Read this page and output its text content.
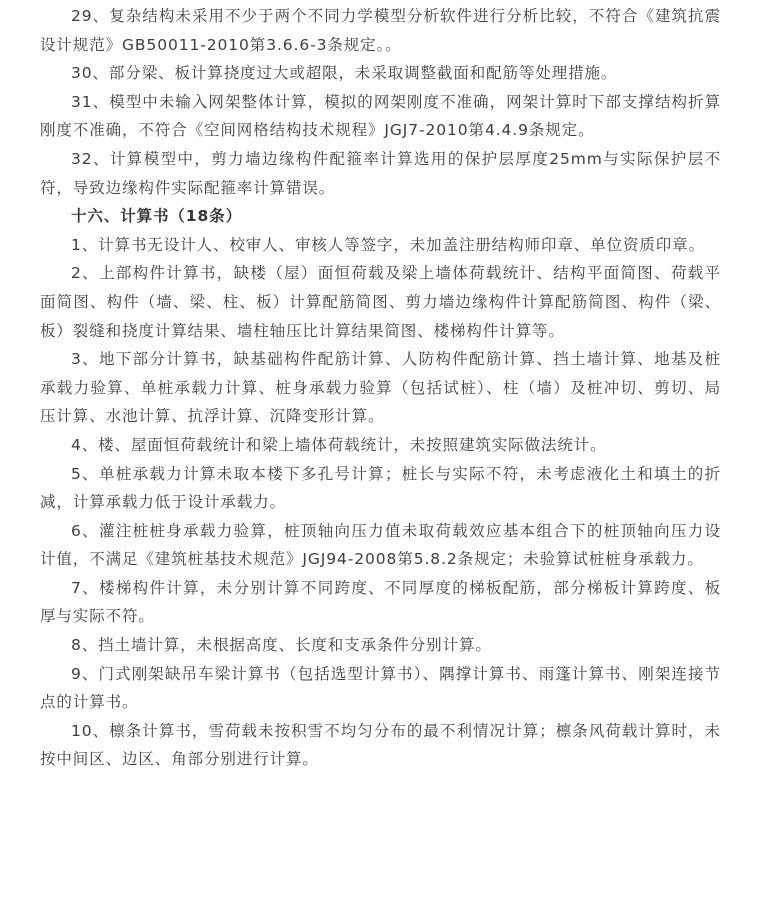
29、复杂结构未采用不少于两个不同力学模型分析软件进行分析比较，不符合《建筑抗震设计规范》GB50011-2010第3.6.6-3条规定。。

30、部分梁、板计算挠度过大或超限，未采取调整截面和配筋等处理措施。

31、模型中未输入网架整体计算，模拟的网架刚度不准确，网架计算时下部支撑结构折算刚度不准确，不符合《空间网格结构技术规程》JGJ7-2010第4.4.9条规定。

32、计算模型中，剪力墙边缘构件配箍率计算选用的保护层厚度25mm与实际保护层不符，导致边缘构件实际配箍率计算错误。

十六、计算书（18条）

1、计算书无设计人、校审人、审核人等签字，未加盖注册结构师印章、单位资质印章。

2、上部构件计算书，缺楼（屋）面恒荷载及梁上墙体荷载统计、结构平面简图、荷载平面简图、构件（墙、梁、柱、板）计算配筋简图、剪力墙边缘构件计算配筋简图、构件（梁、板）裂缝和挠度计算结果、墙柱轴压比计算结果简图、楼梯构件计算等。

3、地下部分计算书，缺基础构件配筋计算、人防构件配筋计算、挡土墙计算、地基及桩承载力验算、单桩承载力计算、桩身承载力验算（包括试桩）、柱（墙）及桩冲切、剪切、局压计算、水池计算、抗浮计算、沉降变形计算。

4、楼、屋面恒荷载统计和梁上墙体荷载统计，未按照建筑实际做法统计。

5、单桩承载力计算未取本楼下多孔号计算；桩长与实际不符，未考虑液化土和填土的折减，计算承载力低于设计承载力。

6、灌注桩桩身承载力验算，桩顶轴向压力值未取荷载效应基本组合下的桩顶轴向压力设计值，不满足《建筑桩基技术规范》JGJ94-2008第5.8.2条规定；未验算试桩桩身承载力。

7、楼梯构件计算，未分别计算不同跨度、不同厚度的梯板配筋，部分梯板计算跨度、板厚与实际不符。

8、挡土墙计算，未根据高度、长度和支承条件分别计算。

9、门式刚架缺吊车梁计算书（包括选型计算书）、隅撑计算书、雨篷计算书、刚架连接节点的计算书。

10、檩条计算书，雪荷载未按积雪不均匀分布的最不利情况计算；檩条风荷载计算时，未按中间区、边区、角部分别进行计算。
